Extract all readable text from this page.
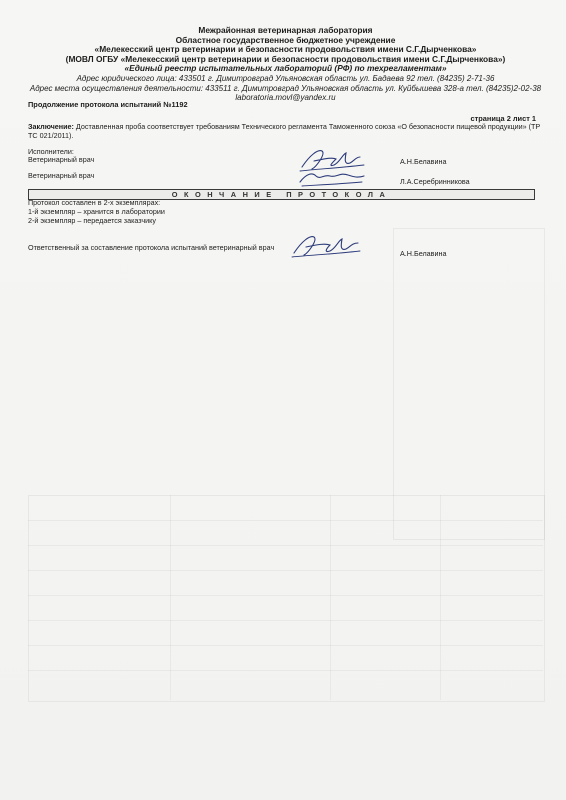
Межрайонная ветеринарная лаборатория
Областное государственное бюджетное учреждение
«Мелекесский центр ветеринарии и безопасности продовольствия имени С.Г.Дырченкова»
(МОВЛ ОГБУ «Мелекесский центр ветеринарии и безопасности продовольствия имени С.Г.Дырченкова»)
«Единый реестр испытательных лабораторий (РФ) по техрегламентам»
Адрес юридического лица: 433501 г. Димитровград Ульяновская область ул. Бадаева 92 тел. (84235) 2-71-36
Адрес места осуществления деятельности: 433511 г. Димитровград Ульяновская область ул. Куйбышева 328-а тел. (84235)2-02-38
laboratoria.movl@yandex.ru
Продолжение протокола испытаний №1192
страница 2 лист 1
Заключение: Доставленная проба соответствует требованиям Технического регламента Таможенного союза «О безопасности пищевой продукции» (ТР ТС 021/2011).
Исполнители:
Ветеринарный врач	А.Н.Белавина
Ветеринарный врач
Л.А.Серебринникова
ОКОНЧАНИЕ ПРОТОКОЛА
Протокол составлен в 2-х экземплярах:
1-й экземпляр – хранится в лаборатории
2-й экземпляр – передается заказчику
Ответственный за составление протокола испытаний ветеринарный врач
А.Н.Белавина
